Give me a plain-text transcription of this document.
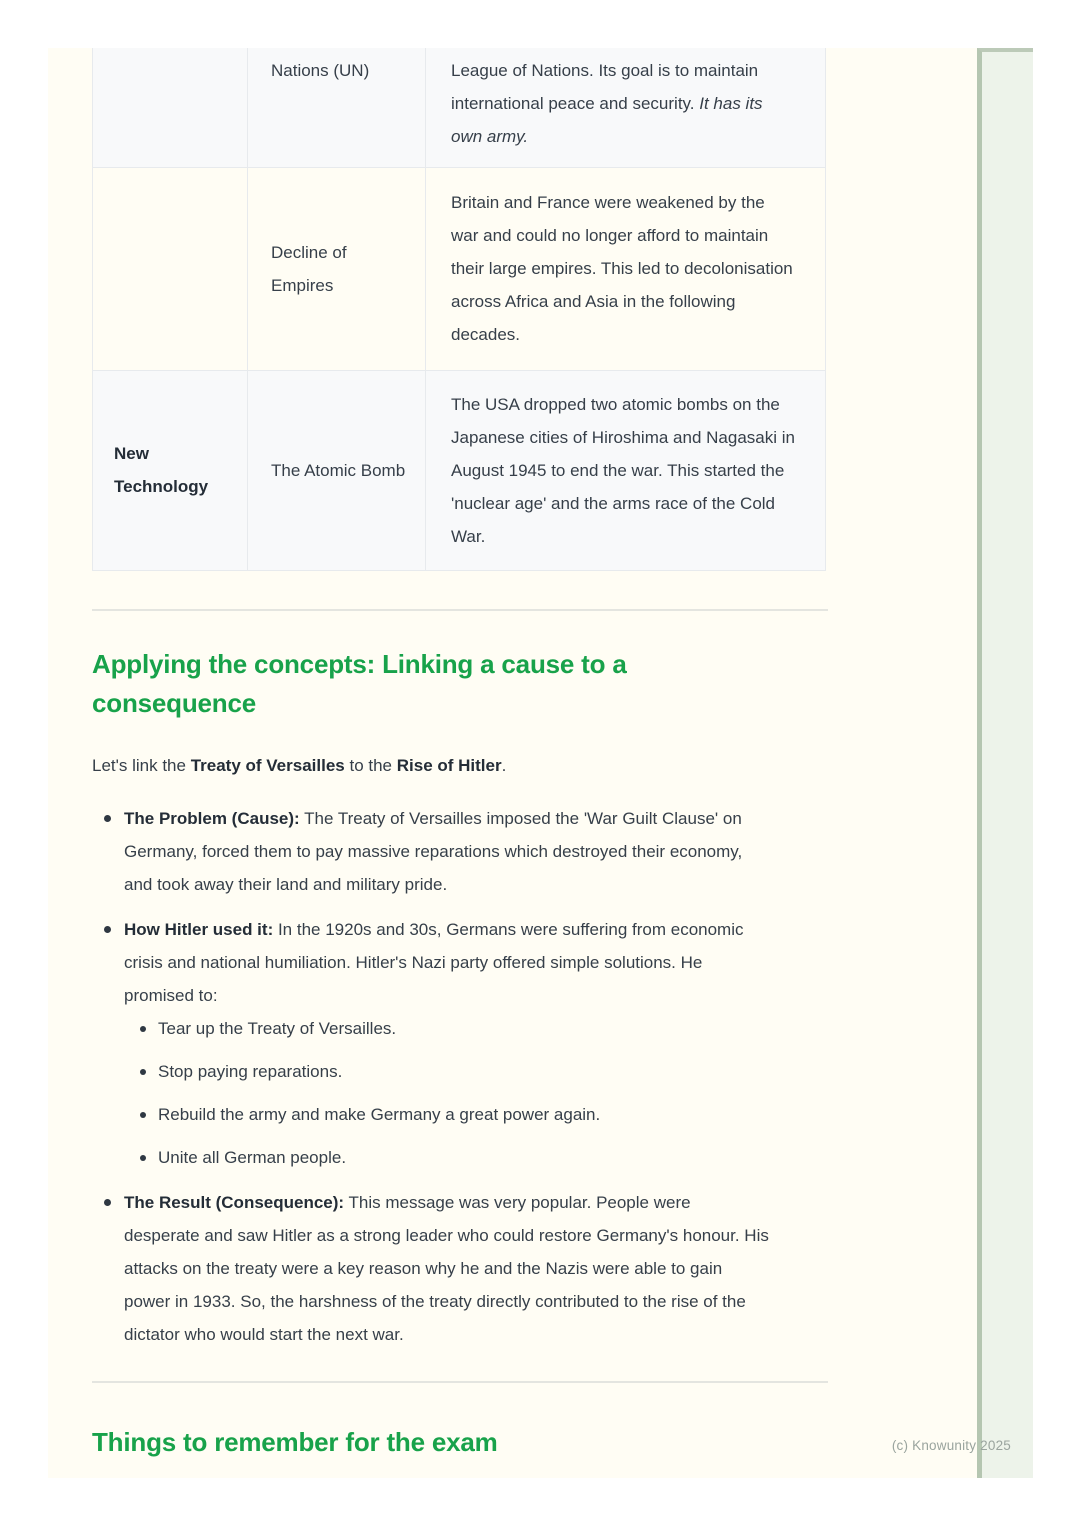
	Nations (UN)	League of Nations. Its goal is to maintain international peace and security. It has its own army.

	Decline of Empires	Britain and France were weakened by the war and could no longer afford to maintain their large empires. This led to decolonisation across Africa and Asia in the following decades.

New Technology	The Atomic Bomb	The USA dropped two atomic bombs on the Japanese cities of Hiroshima and Nagasaki in August 1945 to end the war. This started the 'nuclear age' and the arms race of the Cold War.
Applying the concepts: Linking a cause to a consequence

Let's link the Treaty of Versailles to the Rise of Hitler.

The Problem (Cause): The Treaty of Versailles imposed the 'War Guilt Clause' on Germany, forced them to pay massive reparations which destroyed their economy, and took away their land and military pride.
How Hitler used it: In the 1920s and 30s, Germans were suffering from economic crisis and national humiliation. Hitler's Nazi party offered simple solutions. He promised to:
Tear up the Treaty of Versailles.
Stop paying reparations.
Rebuild the army and make Germany a great power again.
Unite all German people.
The Result (Consequence): This message was very popular. People were desperate and saw Hitler as a strong leader who could restore Germany's honour. His attacks on the treaty were a key reason why he and the Nazis were able to gain power in 1933. So, the harshness of the treaty directly contributed to the rise of the dictator who would start the next war.
Things to remember for the exam	(c) Knowunity 2025
